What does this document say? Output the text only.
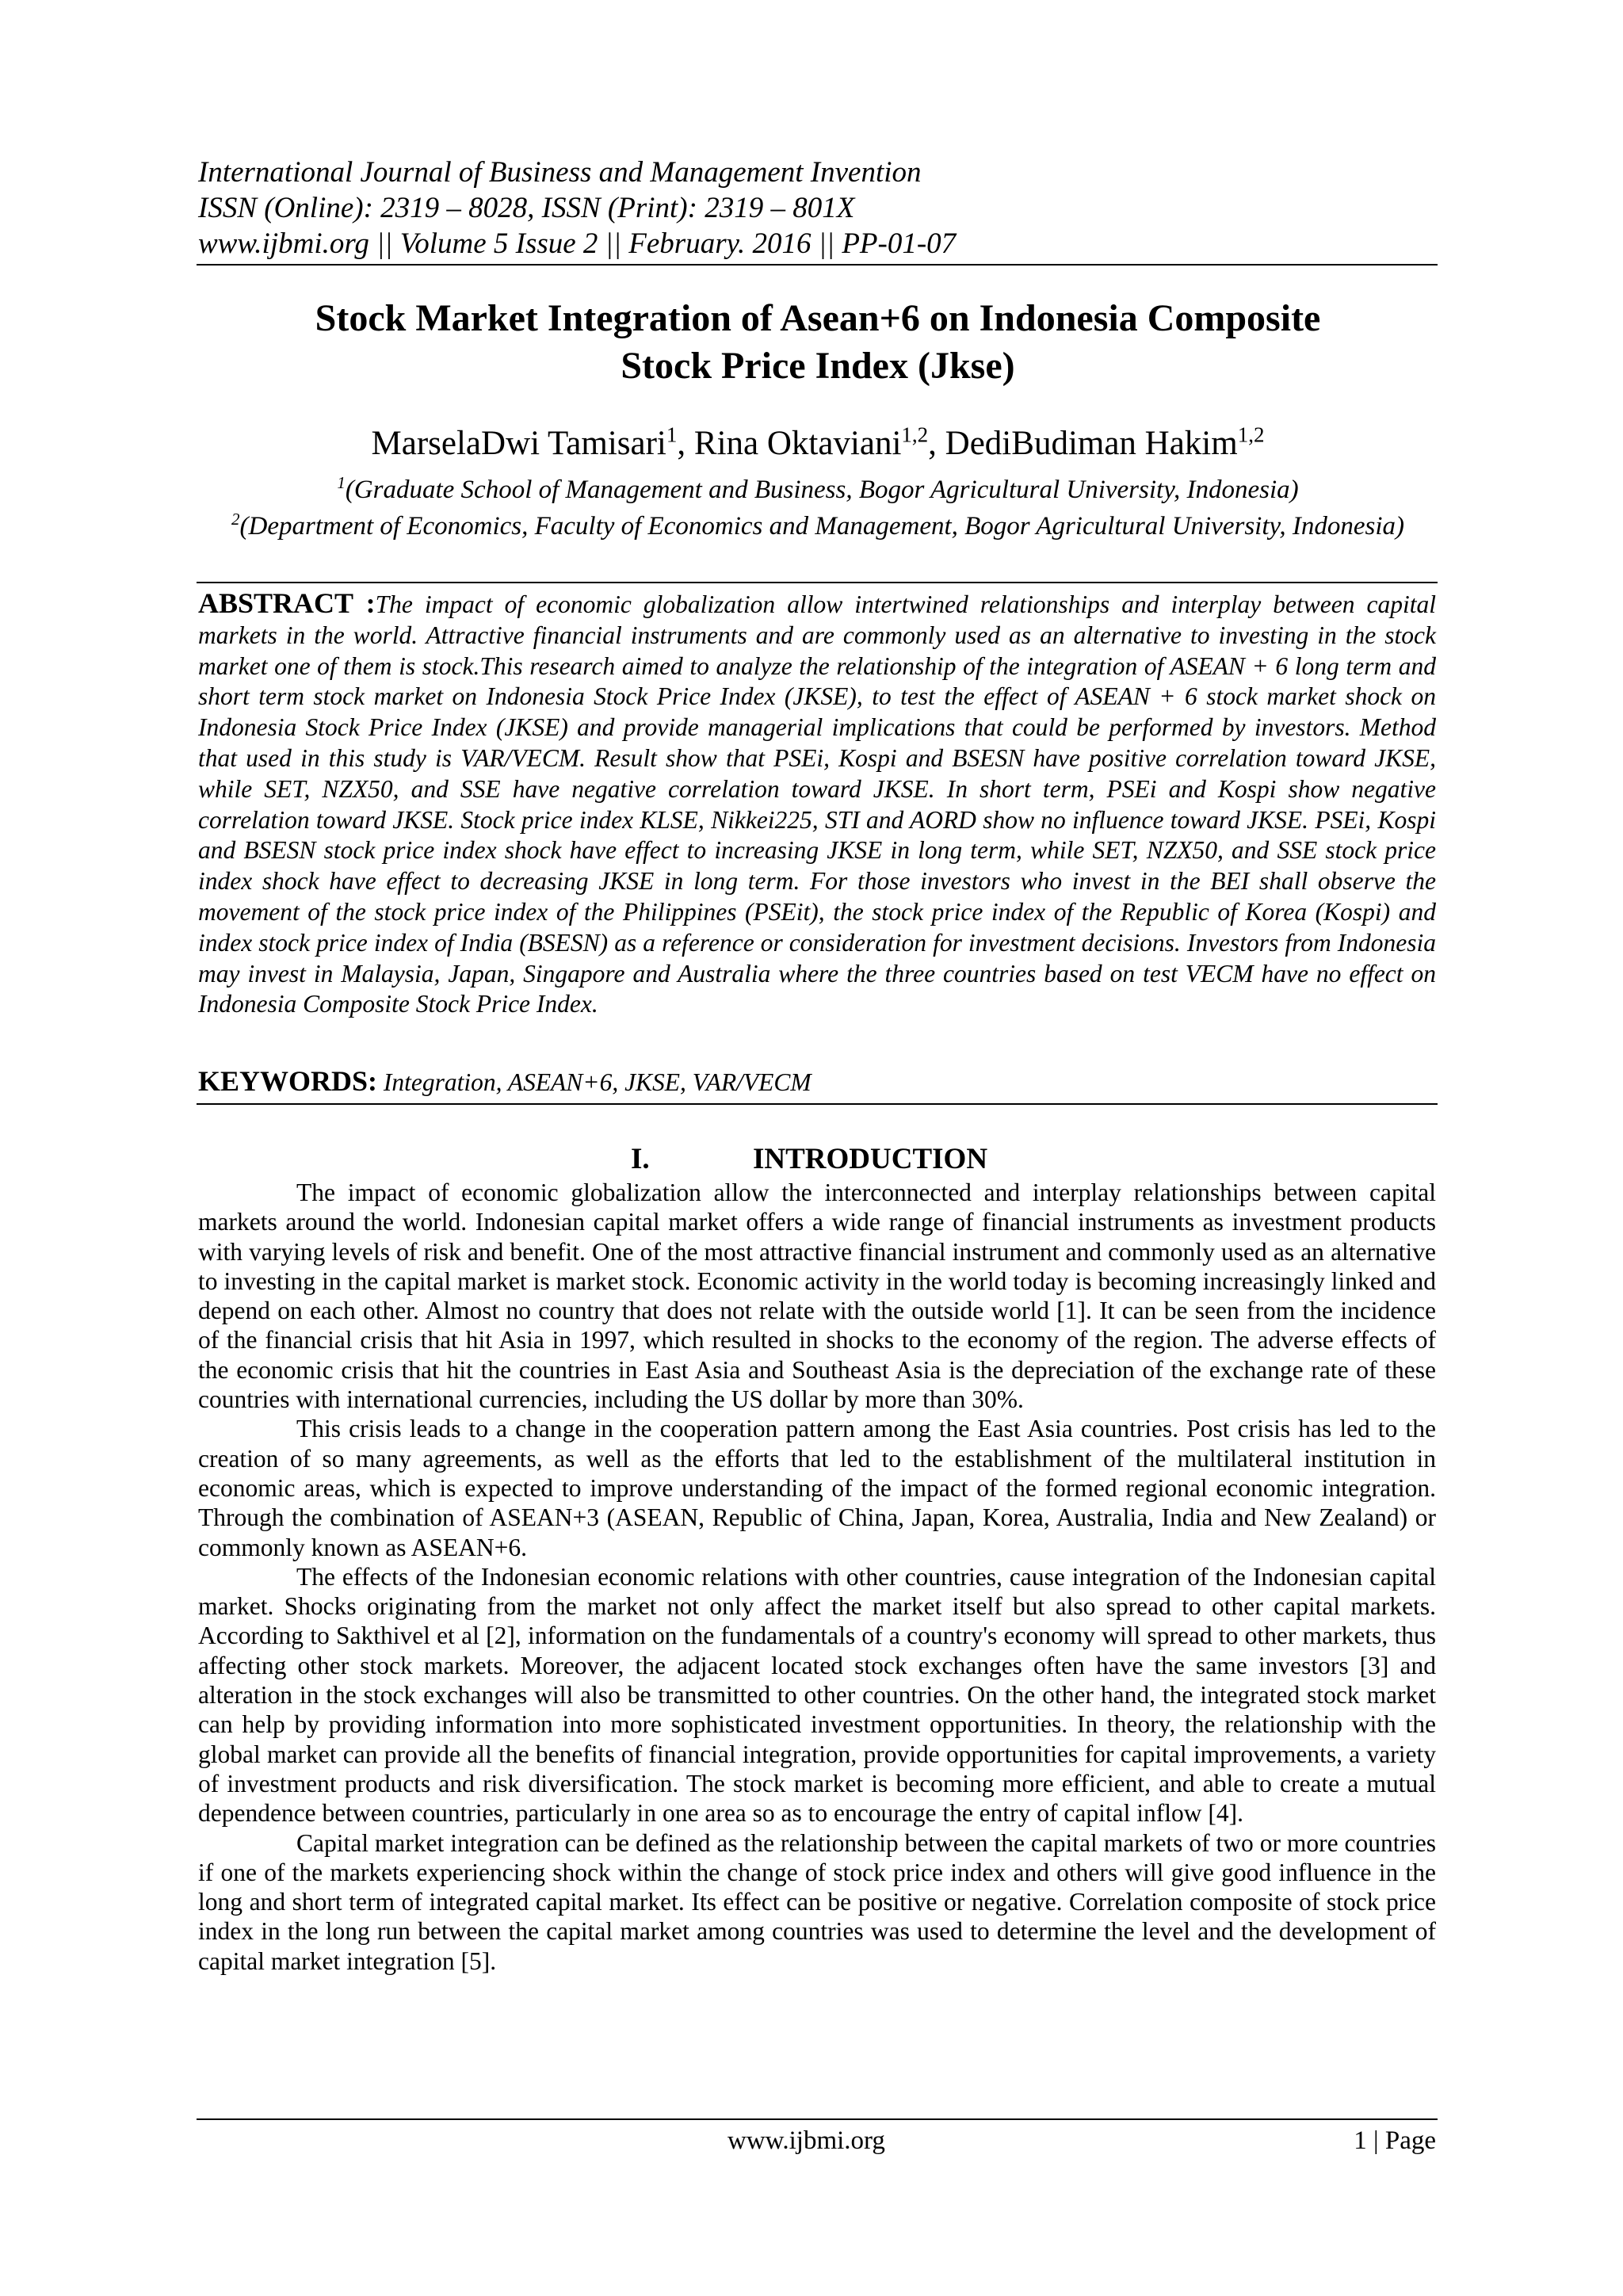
International Journal of Business and Management Invention
ISSN (Online): 2319 – 8028, ISSN (Print): 2319 – 801X
www.ijbmi.org || Volume 5 Issue 2 || February. 2016 || PP-01-07
Stock Market Integration of Asean+6 on Indonesia Composite
Stock Price Index (Jkse)
MarselaDwi Tamisari$^1$, Rina Oktaviani$^{1,2}$, DediBudiman Hakim$^{1,2}$
$^1$(Graduate School of Management and Business, Bogor Agricultural University, Indonesia)
$^2$(Department of Economics, Faculty of Economics and Management, Bogor Agricultural University, Indonesia)
ABSTRACT :The impact of economic globalization allow intertwined relationships and interplay between capital markets in the world. Attractive financial instruments and are commonly used as an alternative to investing in the stock market one of them is stock.This research aimed to analyze the relationship of the integration of ASEAN + 6 long term and short term stock market on Indonesia Stock Price Index (JKSE), to test the effect of ASEAN + 6 stock market shock on Indonesia Stock Price Index (JKSE) and provide managerial implications that could be performed by investors. Method that used in this study is VAR/VECM. Result show that PSEi, Kospi and BSESN have positive correlation toward JKSE, while SET, NZX50, and SSE have negative correlation toward JKSE. In short term, PSEi and Kospi show negative correlation toward JKSE. Stock price index KLSE, Nikkei225, STI and AORD show no influence toward JKSE. PSEi, Kospi and BSESN stock price index shock have effect to increasing JKSE in long term, while SET, NZX50, and SSE stock price index shock have effect to decreasing JKSE in long term. For those investors who invest in the BEI shall observe the movement of the stock price index of the Philippines (PSEit), the stock price index of the Republic of Korea (Kospi) and index stock price index of India (BSESN) as a reference or consideration for investment decisions. Investors from Indonesia may invest in Malaysia, Japan, Singapore and Australia where the three countries based on test VECM have no effect on Indonesia Composite Stock Price Index.
KEYWORDS: Integration, ASEAN+6, JKSE, VAR/VECM
I.	INTRODUCTION

The impact of economic globalization allow the interconnected and interplay relationships between capital markets around the world. Indonesian capital market offers a wide range of financial instruments as investment products with varying levels of risk and benefit. One of the most attractive financial instrument and commonly used as an alternative to investing in the capital market is market stock. Economic activity in the world today is becoming increasingly linked and depend on each other. Almost no country that does not relate with the outside world [1]. It can be seen from the incidence of the financial crisis that hit Asia in 1997, which resulted in shocks to the economy of the region. The adverse effects of the economic crisis that hit the countries in East Asia and Southeast Asia is the depreciation of the exchange rate of these countries with international currencies, including the US dollar by more than 30%.

This crisis leads to a change in the cooperation pattern among the East Asia countries. Post crisis has led to the creation of so many agreements, as well as the efforts that led to the establishment of the multilateral institution in economic areas, which is expected to improve understanding of the impact of the formed regional economic integration. Through the combination of ASEAN+3 (ASEAN, Republic of China, Japan, Korea, Australia, India and New Zealand) or commonly known as ASEAN+6.

The effects of the Indonesian economic relations with other countries, cause integration of the Indonesian capital market. Shocks originating from the market not only affect the market itself but also spread to other capital markets. According to Sakthivel et al [2], information on the fundamentals of a country's economy will spread to other markets, thus affecting other stock markets. Moreover, the adjacent located stock exchanges often have the same investors [3] and alteration in the stock exchanges will also be transmitted to other countries. On the other hand, the integrated stock market can help by providing information into more sophisticated investment opportunities. In theory, the relationship with the global market can provide all the benefits of financial integration, provide opportunities for capital improvements, a variety of investment products and risk diversification. The stock market is becoming more efficient, and able to create a mutual dependence between countries, particularly in one area so as to encourage the entry of capital inflow [4].

Capital market integration can be defined as the relationship between the capital markets of two or more countries if one of the markets experiencing shock within the change of stock price index and others will give good influence in the long and short term of integrated capital market. Its effect can be positive or negative. Correlation composite of stock price index in the long run between the capital market among countries was used to determine the level and the development of capital market integration [5].

www.ijbmi.org	1 | Page
